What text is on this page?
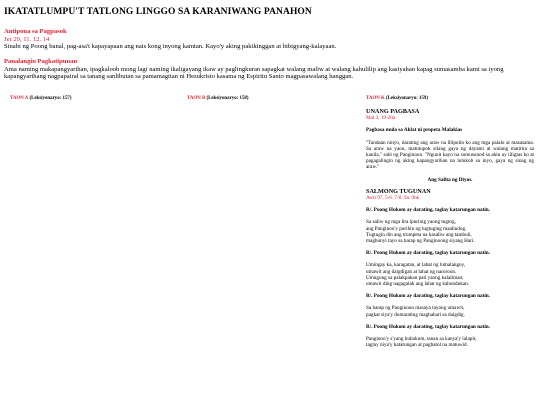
IKATATLUMPU'T TATLONG LINGGO SA KARANIWANG PANAHON
Antipona sa Pagpasok
Jer 29, 11. 12. 14
Sinabi ng Poong banal, pag-asa't kapayapaan ang nais kong inyong kamtan. Kayo'y aking pakikinggan at bibigyang-kalayaan.
Panalangin Pagkatipunan
Ama naming makapangyarihan, ipagkaloob mong lagi naming ikaligayang ikaw ay paglingkuran sapagkat walang maliw at walang kahulilip ang kasiyahan kapag sumasamba kami sa iyong kapangyarihang nagpapairal sa tanang sanlibutan sa pamamagitan ni Hesukristo kasama ng Espiritu Santo magpasawalang hanggan.
TAON A (Leksiyonaryo: 157)	TAON B (Leksiyonaryo: 158)	TAON K (Leksiyonaryo: 159)
UNANG PAGBASA

Mal 3, 19-20a

Pagbasa mula sa Aklat ni propeta Malakias

"Tandaan ninyo, darating ang araw na lilipulin ko ang mga palalo at masasama. Sa araw na yaon, matutupok silang gaya ng dayami at walang matitira sa kanila," sabi ng Panginoon. "Ngunit kayo na sumusunod sa akin ay iiligtas ko at pagagalingin ng aking kapangyarihan na lulukob sa inyo, gaya ng sinag ng araw."

Ang Salita ng Diyos.

SALMONG TUGUNAN

Awit 97, 5-6. 7-8. 9a. 9bk

R/. Poong Hukom ay darating, taglay katarungan natin.

Sa saliw ng mga lira ipurinig yaong tugtog,

ang Panginoo'y purihin ng tugtuging maalindog.

Tugtugin din ang trumpeta na kasaliw ang tambuli,

magbunyi tayo sa harap ng Panginoong siyang Hari.

R/. Poong Hukom ay darating, taglay katarungan natin.

Umingay ka, karagatan, at lahat ng lumalangoy,

umawit ang daigdigan at lahat ng naroroon.

Umugong sa palakpakan pati yaong kalaliman;

umawit ding nagagalak ang lahat ng kabundukan.

R/. Poong Hukom ay darating, taglay katarungan natin.

Sa harap ng Panginoon masaya tayong umawit,

pagkat siya'y dumarating maghahari sa daigdig.

R/. Poong Hukom ay darating, taglay katarungan natin.

Panginoo'y s'yang huhukom, tanan sa kanya'y lalapit,

taglay niya'y katarungan at pagbatol na matuwid.
